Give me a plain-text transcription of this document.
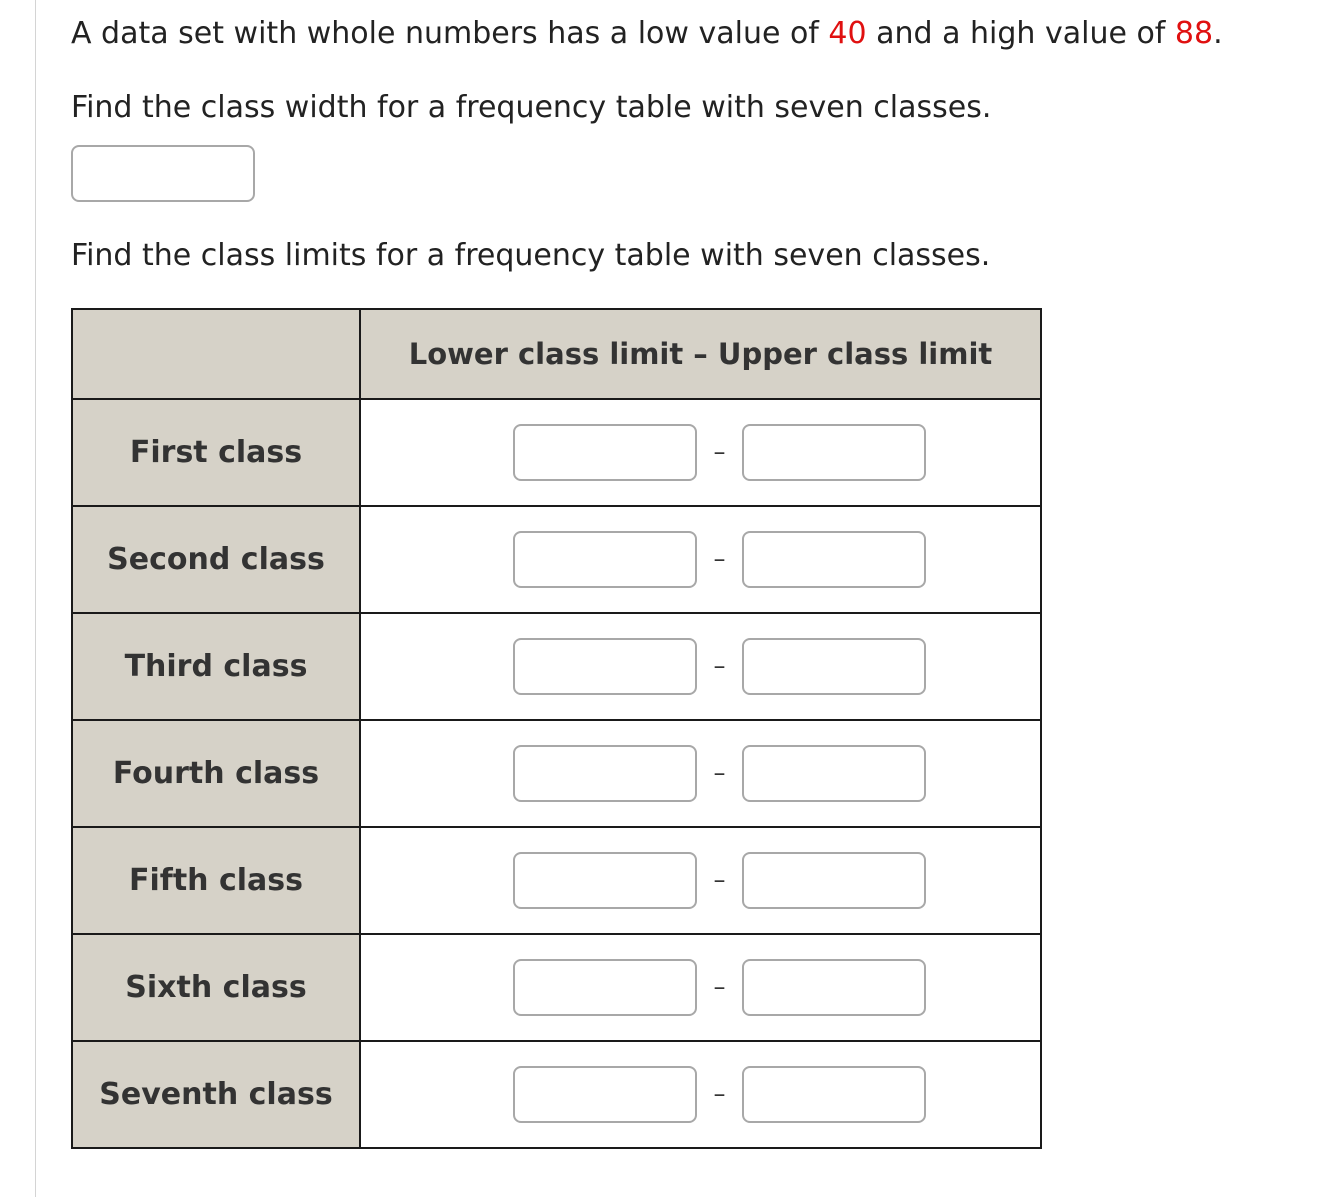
A data set with whole numbers has a low value of 40 and a high value of 88.
Find the class width for a frequency table with seven classes.
Find the class limits for a frequency table with seven classes.
	Lower class limit – Upper class limit
First class	–

Second class	–

Third class	–

Fourth class	–

Fifth class	–

Sixth class	–

Seventh class	–
